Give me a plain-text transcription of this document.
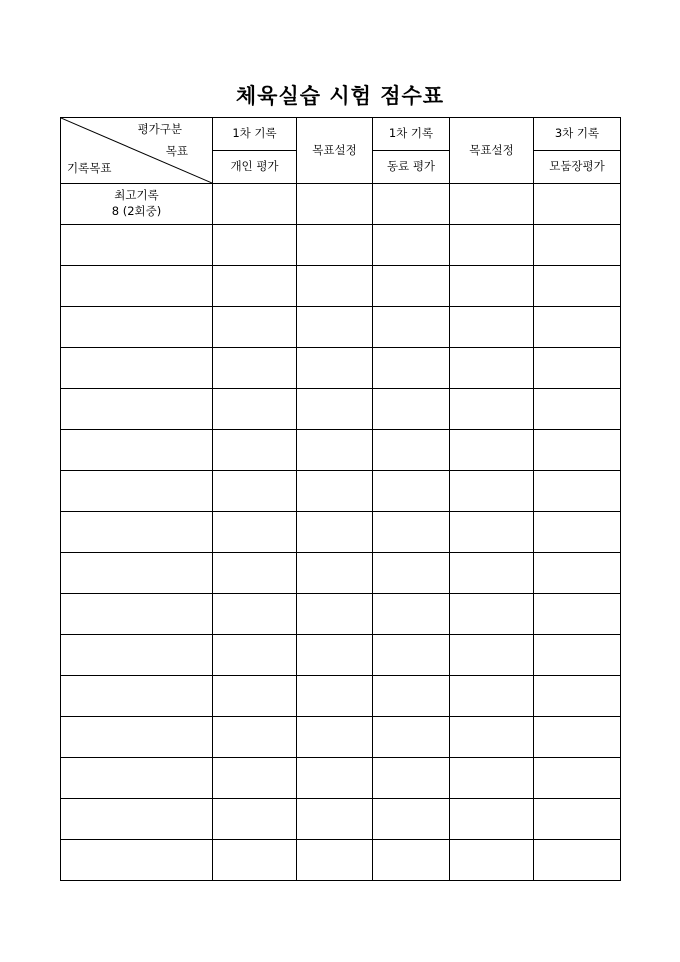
체육실습 시험 점수표
평가구분
목표
기록목표	1차 기록	목표설정	1차 기록	목표설정	3차 기록
	개인 평가		동료 평가		모둠장평가

최고기록
8 (2회중)					
